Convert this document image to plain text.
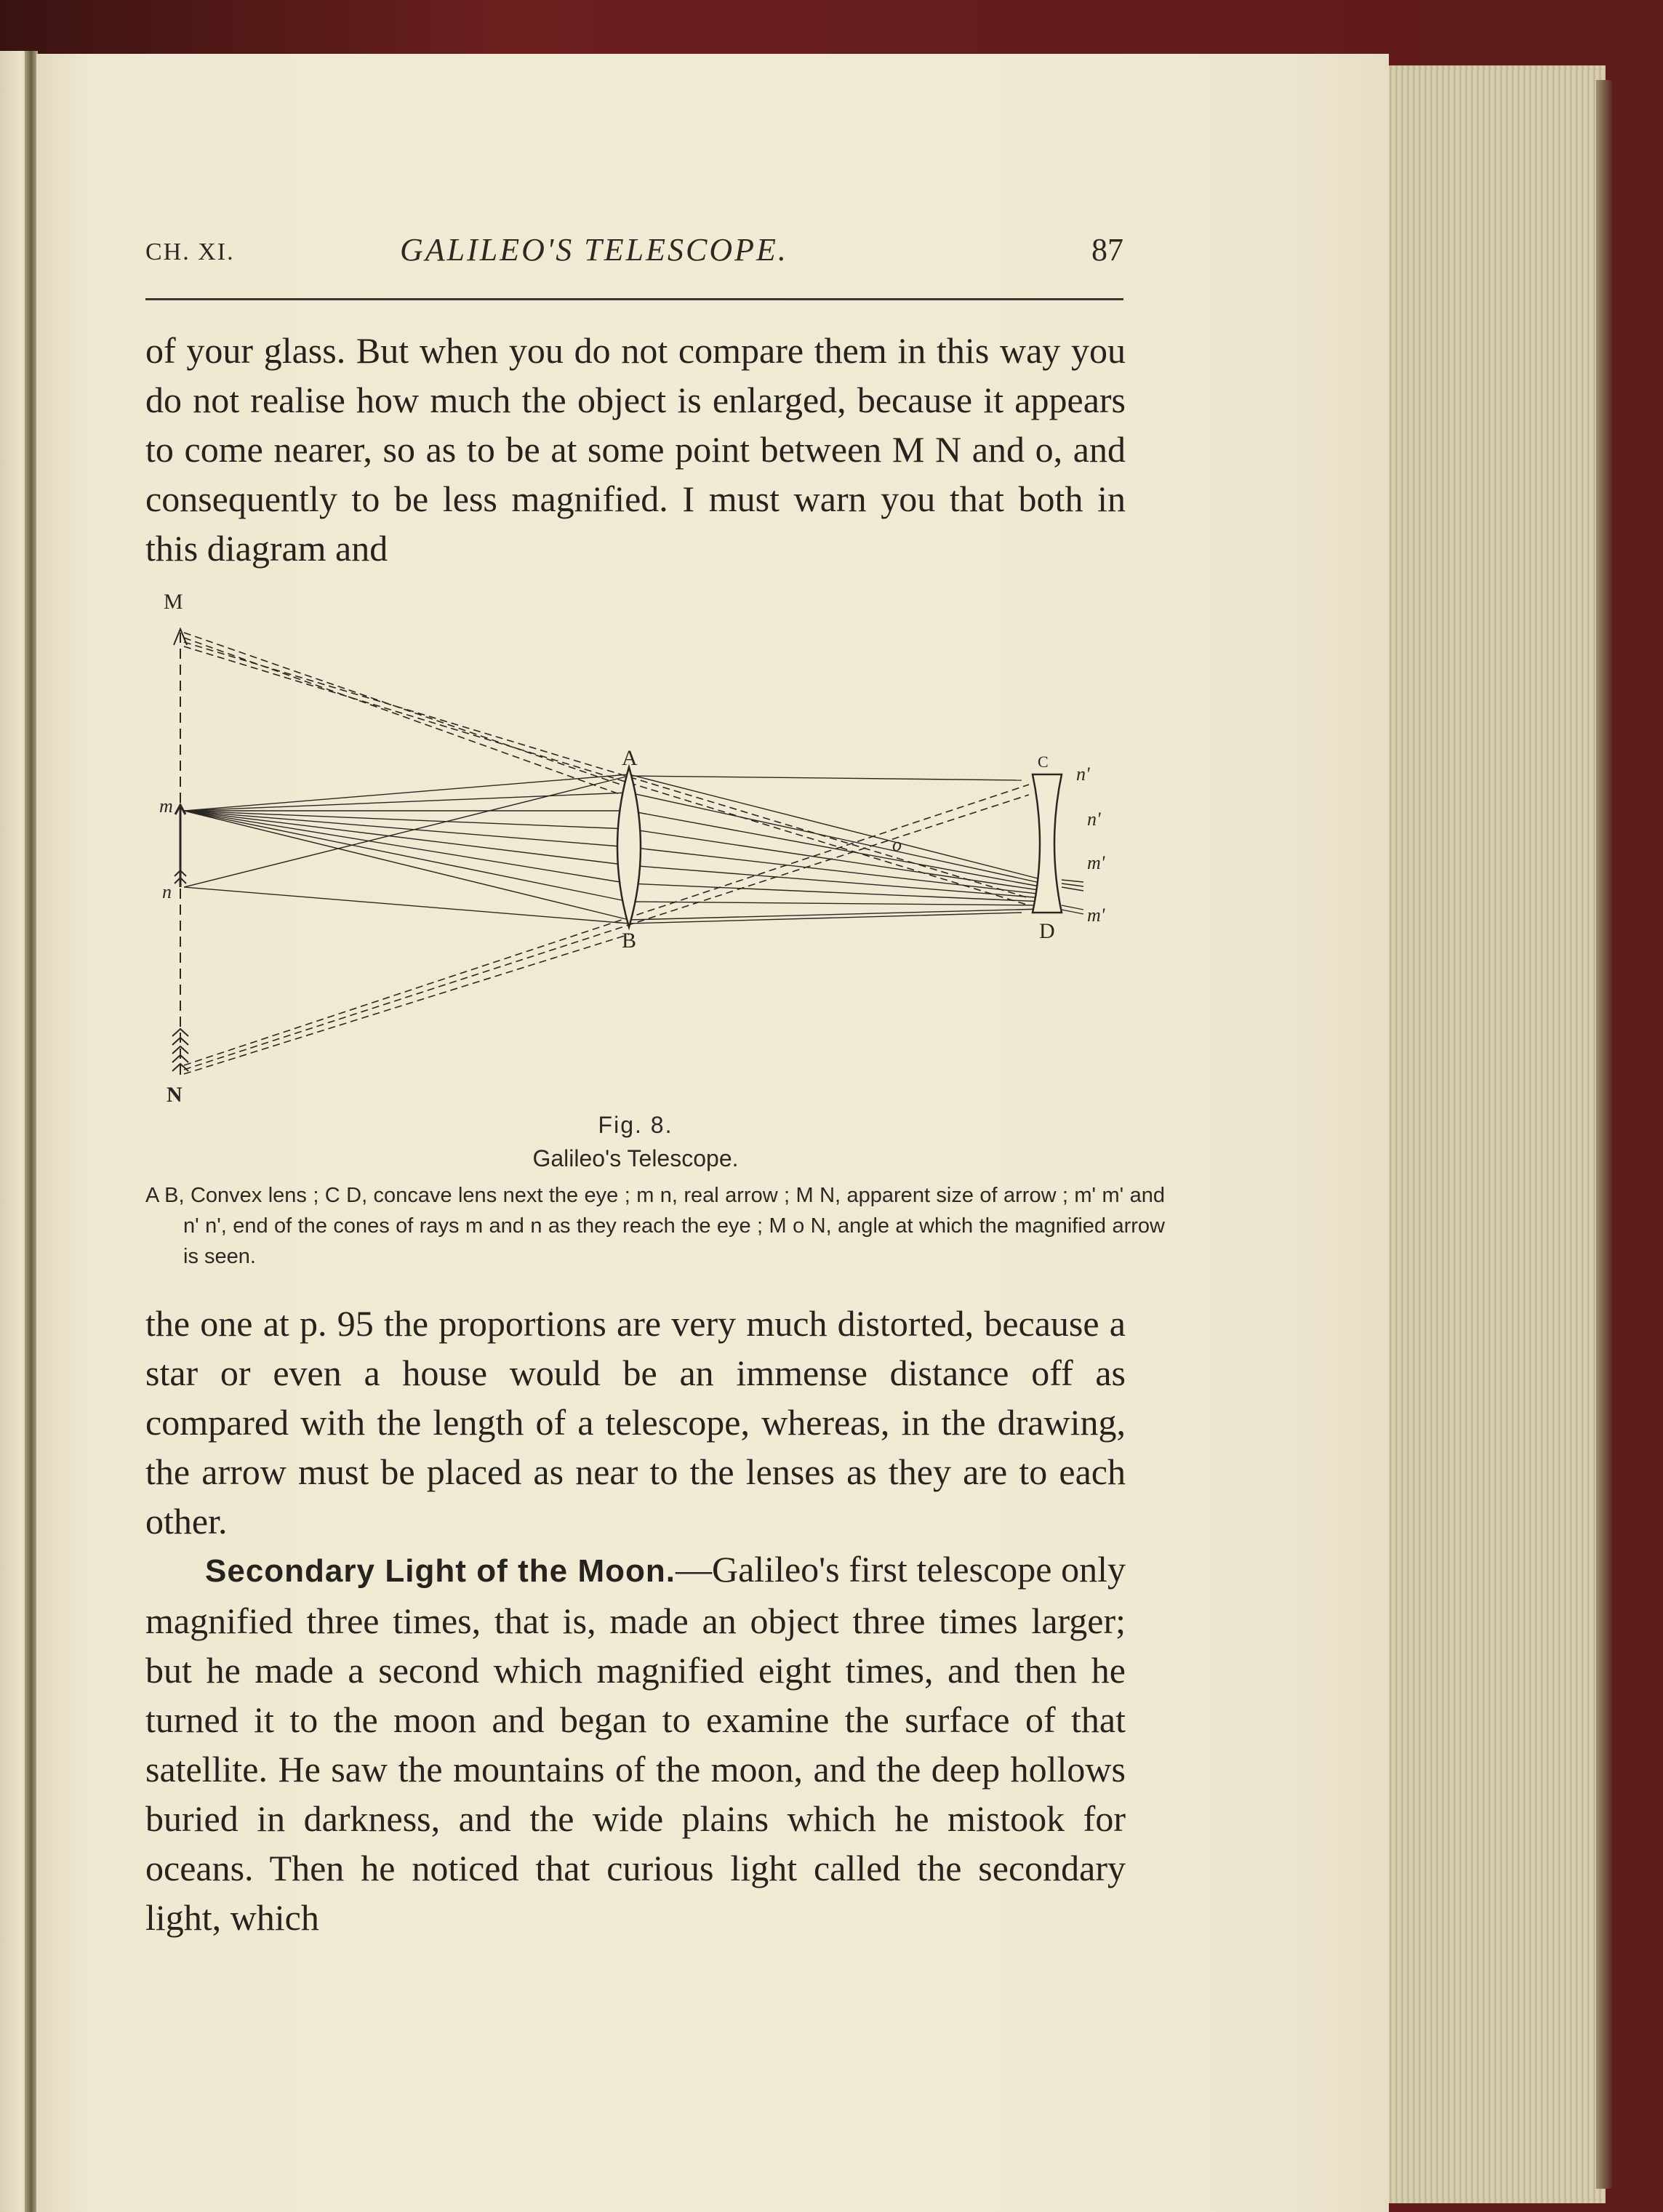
CH. XI.	GALILEO'S TELESCOPE.	87

of your glass. But when you do not compare them in this way you do not realise how much the object is enlarged, because it appears to come nearer, so as to be at some point between M N and o, and consequently to be less magnified. I must warn you that both in this diagram and

M
N
m
n
A
B
C
D
o
n'
n'
m'
m'
Fig. 8.
Galileo's Telescope.

A B, Convex lens ; C D, concave lens next the eye ; m n, real arrow ; M N, apparent size of arrow ; m' m' and n' n', end of the cones of rays m and n as they reach the eye ; M o N, angle at which the magnified arrow is seen.

the one at p. 95 the proportions are very much distorted, because a star or even a house would be an immense distance off as compared with the length of a telescope, whereas, in the drawing, the arrow must be placed as near to the lenses as they are to each other.

Secondary Light of the Moon.—Galileo's first telescope only magnified three times, that is, made an object three times larger; but he made a second which magnified eight times, and then he turned it to the moon and began to examine the surface of that satellite. He saw the mountains of the moon, and the deep hollows buried in darkness, and the wide plains which he mistook for oceans. Then he noticed that curious light called the secondary light, which
